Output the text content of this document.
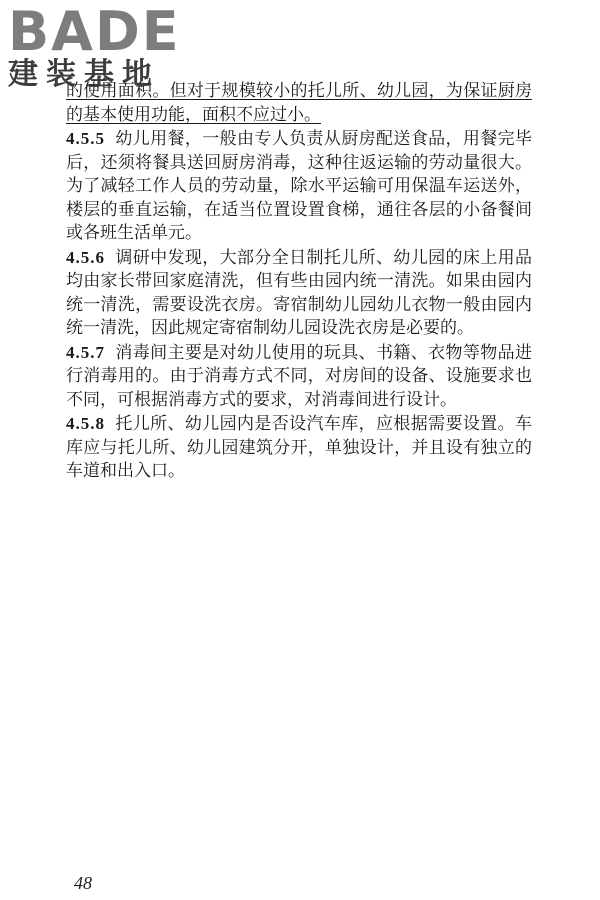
BADE
建装基地

的使用面积。但对于规模较小的托儿所、幼儿园，为保证厨房的基本使用功能，面积不应过小。

4.5.5 幼儿用餐，一般由专人负责从厨房配送食品，用餐完毕后，还须将餐具送回厨房消毒，这种往返运输的劳动量很大。为了减轻工作人员的劳动量，除水平运输可用保温车运送外，楼层的垂直运输，在适当位置设置食梯，通往各层的小备餐间或各班生活单元。

4.5.6 调研中发现，大部分全日制托儿所、幼儿园的床上用品均由家长带回家庭清洗，但有些由园内统一清洗。如果由园内统一清洗，需要设洗衣房。寄宿制幼儿园幼儿衣物一般由园内统一清洗，因此规定寄宿制幼儿园设洗衣房是必要的。

4.5.7 消毒间主要是对幼儿使用的玩具、书籍、衣物等物品进行消毒用的。由于消毒方式不同，对房间的设备、设施要求也不同，可根据消毒方式的要求，对消毒间进行设计。

4.5.8 托儿所、幼儿园内是否设汽车库，应根据需要设置。车库应与托儿所、幼儿园建筑分开，单独设计，并且设有独立的车道和出入口。

48
